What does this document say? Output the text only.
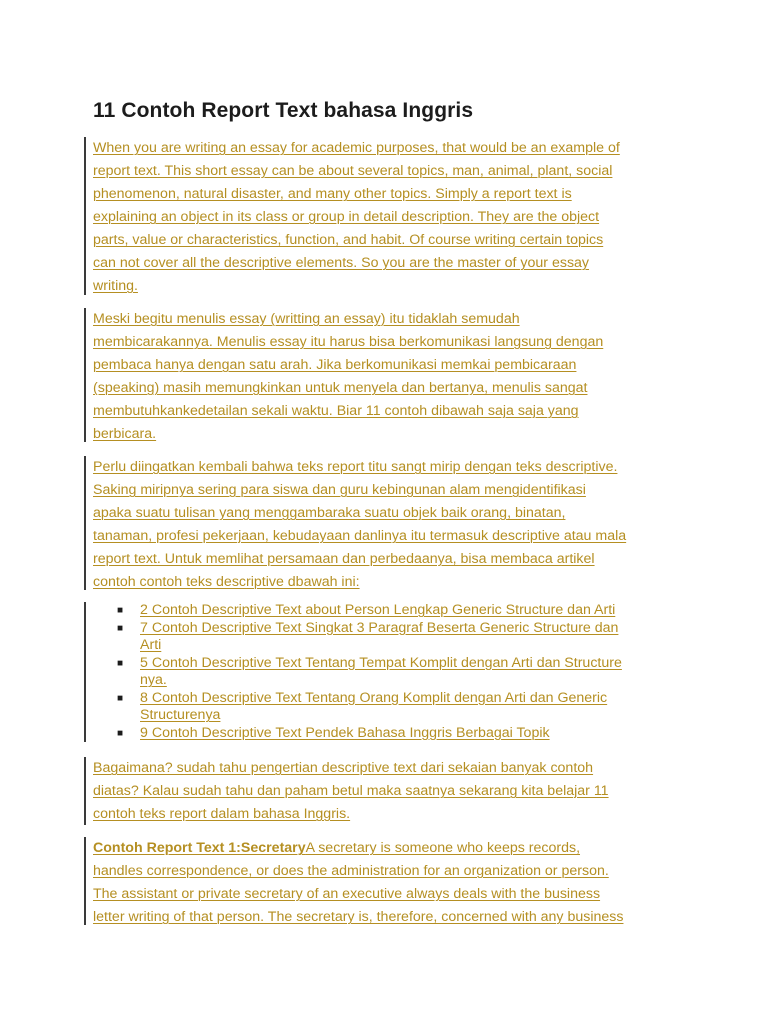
11 Contoh Report Text bahasa Inggris
When you are writing an essay for academic purposes, that would be an example of
report text. This short essay can be about several topics, man, animal, plant, social
phenomenon, natural disaster, and many other topics. Simply a report text is
explaining an object in its class or group in detail description. They are the object
parts, value or characteristics, function, and habit. Of course writing certain topics
can not cover all the descriptive elements. So you are the master of your essay
writing.
Meski begitu menulis essay (writting an essay) itu tidaklah semudah
membicarakannya. Menulis essay itu harus bisa berkomunikasi langsung dengan
pembaca hanya dengan satu arah. Jika berkomunikasi memkai pembicaraan
(speaking) masih memungkinkan untuk menyela dan bertanya, menulis sangat
membutuhkankedetailan sekali waktu. Biar 11 contoh dibawah saja saja yang
berbicara.
Perlu diingatkan kembali bahwa teks report titu sangt mirip dengan teks descriptive.
Saking miripnya sering para siswa dan guru kebingunan alam mengidentifikasi
apaka suatu tulisan yang menggambaraka suatu objek baik orang, binatan,
tanaman, profesi pekerjaan, kebudayaan danlinya itu termasuk descriptive atau mala
report text. Untuk memlihat persamaan dan perbedaanya, bisa membaca artikel
contoh contoh teks descriptive dbawah ini:
■ 2 Contoh Descriptive Text about Person Lengkap Generic Structure dan Arti
■ 7 Contoh Descriptive Text Singkat 3 Paragraf Beserta Generic Structure dan
Arti
■ 5 Contoh Descriptive Text Tentang Tempat Komplit dengan Arti dan Structure
nya.
■ 8 Contoh Descriptive Text Tentang Orang Komplit dengan Arti dan Generic
Structurenya
■ 9 Contoh Descriptive Text Pendek Bahasa Inggris Berbagai Topik
Bagaimana? sudah tahu pengertian descriptive text dari sekaian banyak contoh
diatas? Kalau sudah tahu dan paham betul maka saatnya sekarang kita belajar 11
contoh teks report dalam bahasa Inggris.
Contoh Report Text 1:SecretaryA secretary is someone who keeps records,
handles correspondence, or does the administration for an organization or person.
The assistant or private secretary of an executive always deals with the business
letter writing of that person. The secretary is, therefore, concerned with any business
